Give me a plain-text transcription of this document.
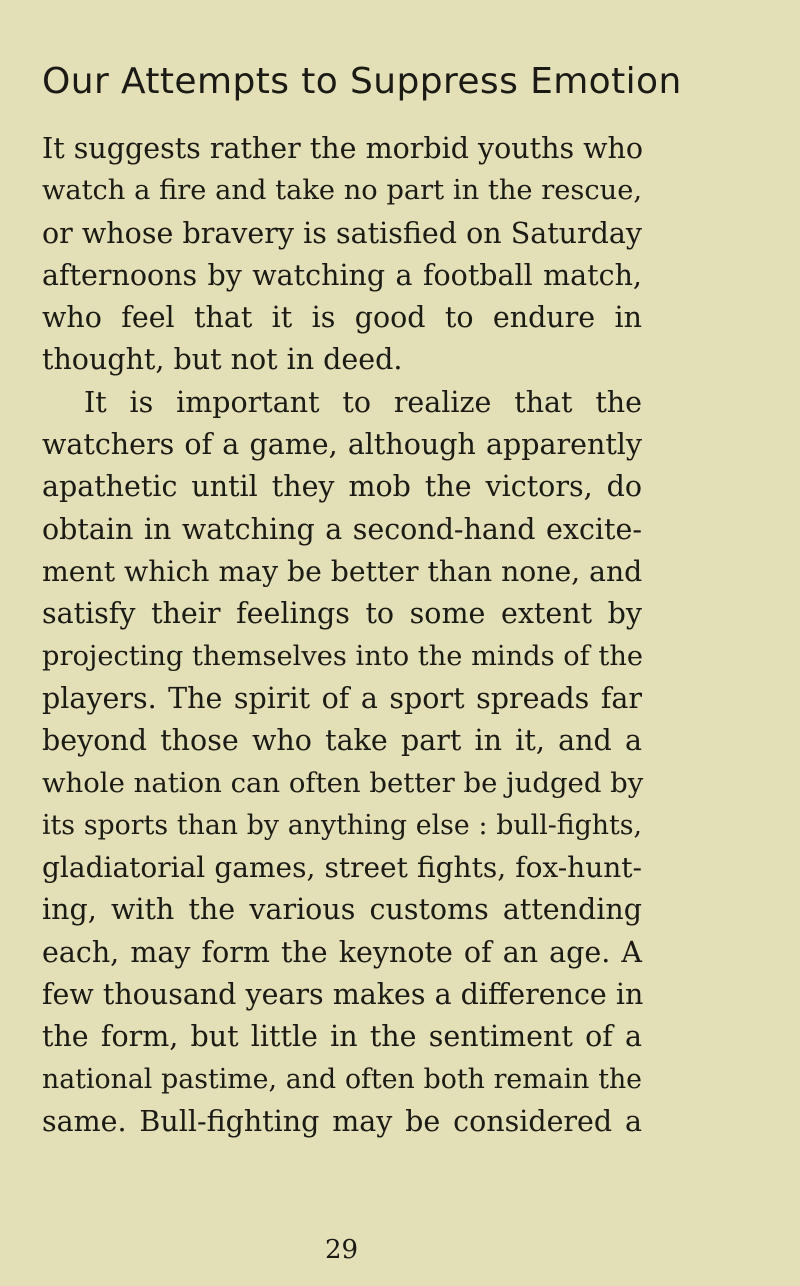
Our Attempts to Suppress Emotion
It suggests rather the morbid youths who
watch a fire and take no part in the rescue,
or whose bravery is satisfied on Saturday
afternoons by watching a football match,
who feel that it is good to endure in
thought, but not in deed.
It is important to realize that the
watchers of a game, although apparently
apathetic until they mob the victors, do
obtain in watching a second-hand excite-
ment which may be better than none, and
satisfy their feelings to some extent by
projecting themselves into the minds of the
players. The spirit of a sport spreads far
beyond those who take part in it, and a
whole nation can often better be judged by
its sports than by anything else : bull-fights,
gladiatorial games, street fights, fox-hunt-
ing, with the various customs attending
each, may form the keynote of an age. A
few thousand years makes a difference in
the form, but little in the sentiment of a
national pastime, and often both remain the
same. Bull-fighting may be considered a
29
